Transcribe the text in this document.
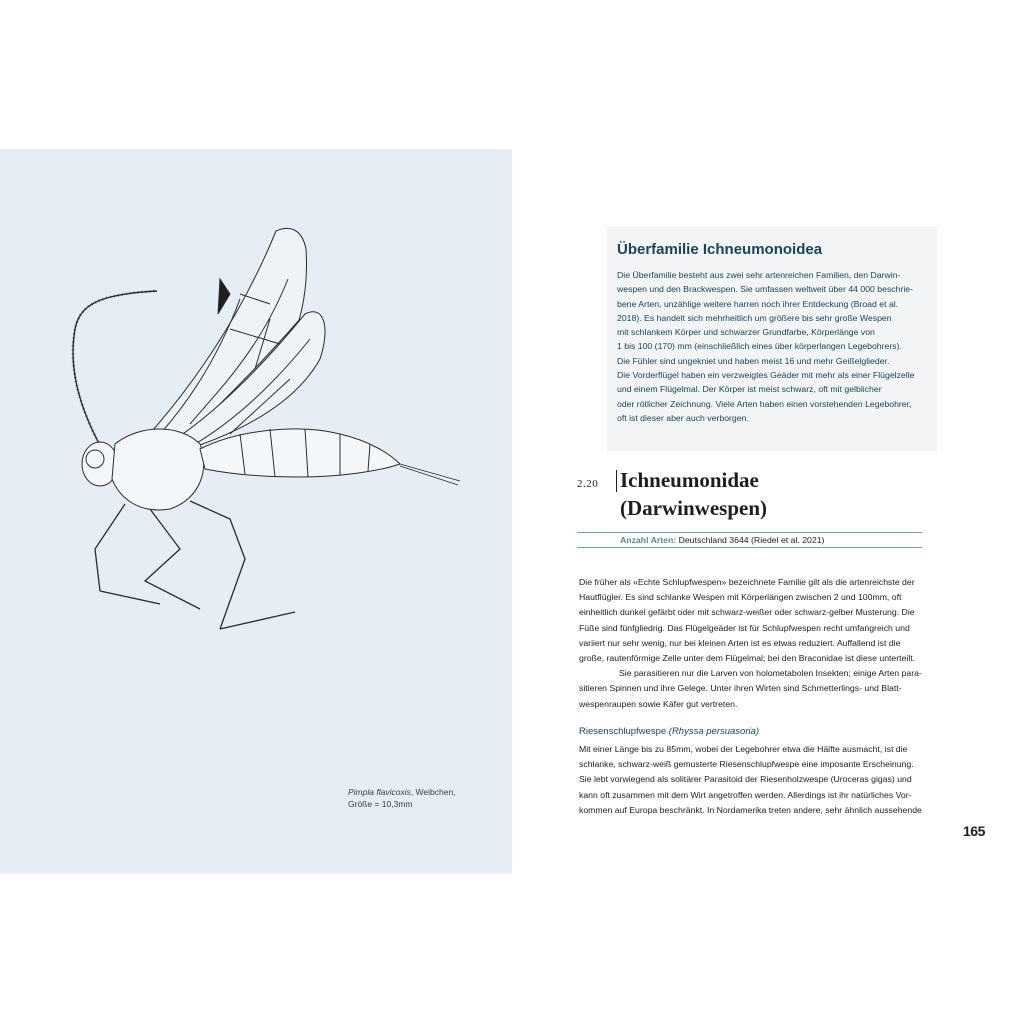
Pimpla flavicoxis, Weibchen,
Größe = 10,3mm
Überfamilie Ichneumonoidea
Die Überfamilie besteht aus zwei sehr artenreichen Familien, den Darwin-
wespen und den Brackwespen. Sie umfassen weltweit über 44 000 beschrie-
bene Arten, unzählige weitere harren noch ihrer Entdeckung (Broad et al.
2018). Es handelt sich mehrheitlich um größere bis sehr große Wespen
mit schlankem Körper und schwarzer Grundfarbe, Körperlänge von
1 bis 100 (170) mm (einschließlich eines über körperlangen Legebohrers).
Die Fühler sind ungekniet und haben meist 16 und mehr Geißelglieder.
Die Vorderflügel haben ein verzweigtes Geäder mit mehr als einer Flügelzelle
und einem Flügelmal. Der Körper ist meist schwarz, oft mit gelblicher
oder rötlicher Zeichnung. Viele Arten haben einen vorstehenden Legebohrer,
oft ist dieser aber auch verborgen.
2.20 Ichneumonidae
(Darwinwespen)
Anzahl Arten: Deutschland 3644 (Riedel et al. 2021)
Die früher als «Echte Schlupfwespen» bezeichnete Familie gilt als die artenreichste der
Hautflügler. Es sind schlanke Wespen mit Körperlängen zwischen 2 und 100mm, oft
einheitlich dunkel gefärbt oder mit schwarz-weißer oder schwarz-gelber Musterung. Die
Füße sind fünfgliedrig. Das Flügelgeäder ist für Schlupfwespen recht umfangreich und
variiert nur sehr wenig, nur bei kleinen Arten ist es etwas reduziert. Auffallend ist die
große, rautenförmige Zelle unter dem Flügelmal; bei den Braconidae ist diese unterteilt.
Sie parasitieren nur die Larven von holometabolen Insekten; einige Arten para-
sitieren Spinnen und ihre Gelege. Unter ihren Wirten sind Schmetterlings- und Blatt-
wespenraupen sowie Käfer gut vertreten.
Riesenschlupfwespe (Rhyssa persuasoria)
Mit einer Länge bis zu 85mm, wobei der Legebohrer etwa die Hälfte ausmacht, ist die
schlanke, schwarz-weiß gemusterte Riesenschlupfwespe eine imposante Erscheinung.
Sie lebt vorwiegend als solitärer Parasitoid der Riesenholzwespe (Uroceras gigas) und
kann oft zusammen mit dem Wirt angetroffen werden. Allerdings ist ihr natürliches Vor-
kommen auf Europa beschränkt. In Nordamerika treten andere, sehr ähnlich aussehende
165
